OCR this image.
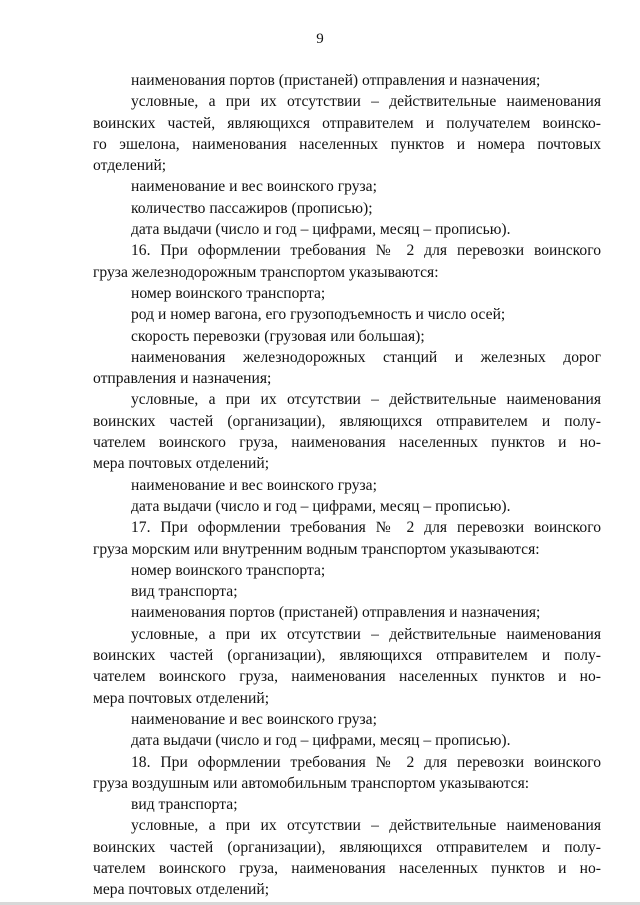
9
наименования портов (пристаней) отправления и назначения;
условные, а при их отсутствии – действительные наименования
воинских частей, являющихся отправителем и получателем воинско-
го эшелона, наименования населенных пунктов и номера почтовых
отделений;
наименование и вес воинского груза;
количество пассажиров (прописью);
дата выдачи (число и год – цифрами, месяц – прописью).
16. При оформлении требования № 2 для перевозки воинского
груза железнодорожным транспортом указываются:
номер воинского транспорта;
род и номер вагона, его грузоподъемность и число осей;
скорость перевозки (грузовая или большая);
наименования железнодорожных станций и железных дорог
отправления и назначения;
условные, а при их отсутствии – действительные наименования
воинских частей (организации), являющихся отправителем и полу-
чателем воинского груза, наименования населенных пунктов и но-
мера почтовых отделений;
наименование и вес воинского груза;
дата выдачи (число и год – цифрами, месяц – прописью).
17. При оформлении требования № 2 для перевозки воинского
груза морским или внутренним водным транспортом указываются:
номер воинского транспорта;
вид транспорта;
наименования портов (пристаней) отправления и назначения;
условные, а при их отсутствии – действительные наименования
воинских частей (организации), являющихся отправителем и полу-
чателем воинского груза, наименования населенных пунктов и но-
мера почтовых отделений;
наименование и вес воинского груза;
дата выдачи (число и год – цифрами, месяц – прописью).
18. При оформлении требования № 2 для перевозки воинского
груза воздушным или автомобильным транспортом указываются:
вид транспорта;
условные, а при их отсутствии – действительные наименования
воинских частей (организации), являющихся отправителем и полу-
чателем воинского груза, наименования населенных пунктов и но-
мера почтовых отделений;
